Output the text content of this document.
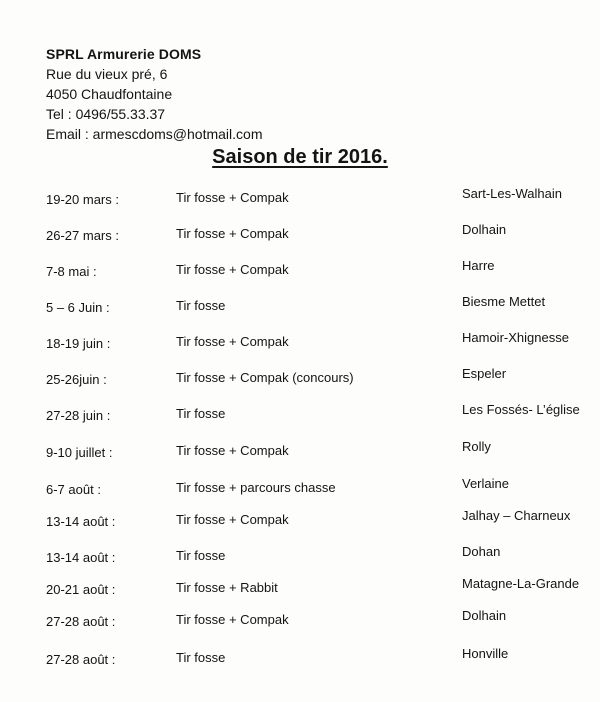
SPRL Armurerie DOMS
Rue du vieux pré, 6
4050 Chaudfontaine
Tel : 0496/55.33.37
Email : armescdoms@hotmail.com
Saison de tir 2016.
19-20 mars :	Tir fosse + Compak	Sart-Les-Walhain
26-27 mars :	Tir fosse + Compak	Dolhain
7-8 mai :	Tir fosse + Compak	Harre
5 – 6 Juin :	Tir fosse	Biesme Mettet
18-19 juin :	Tir fosse + Compak	Hamoir-Xhignesse
25-26juin :	Tir fosse + Compak (concours)	Espeler
27-28 juin :	Tir fosse	Les Fossés- L’église
9-10 juillet :	Tir fosse + Compak	Rolly
6-7 août :	Tir fosse + parcours chasse	Verlaine
13-14 août :	Tir fosse + Compak	Jalhay – Charneux
13-14 août :	Tir fosse	Dohan
20-21 août :	Tir fosse + Rabbit	Matagne-La-Grande
27-28 août :	Tir fosse + Compak	Dolhain
27-28 août :	Tir fosse	Honville
